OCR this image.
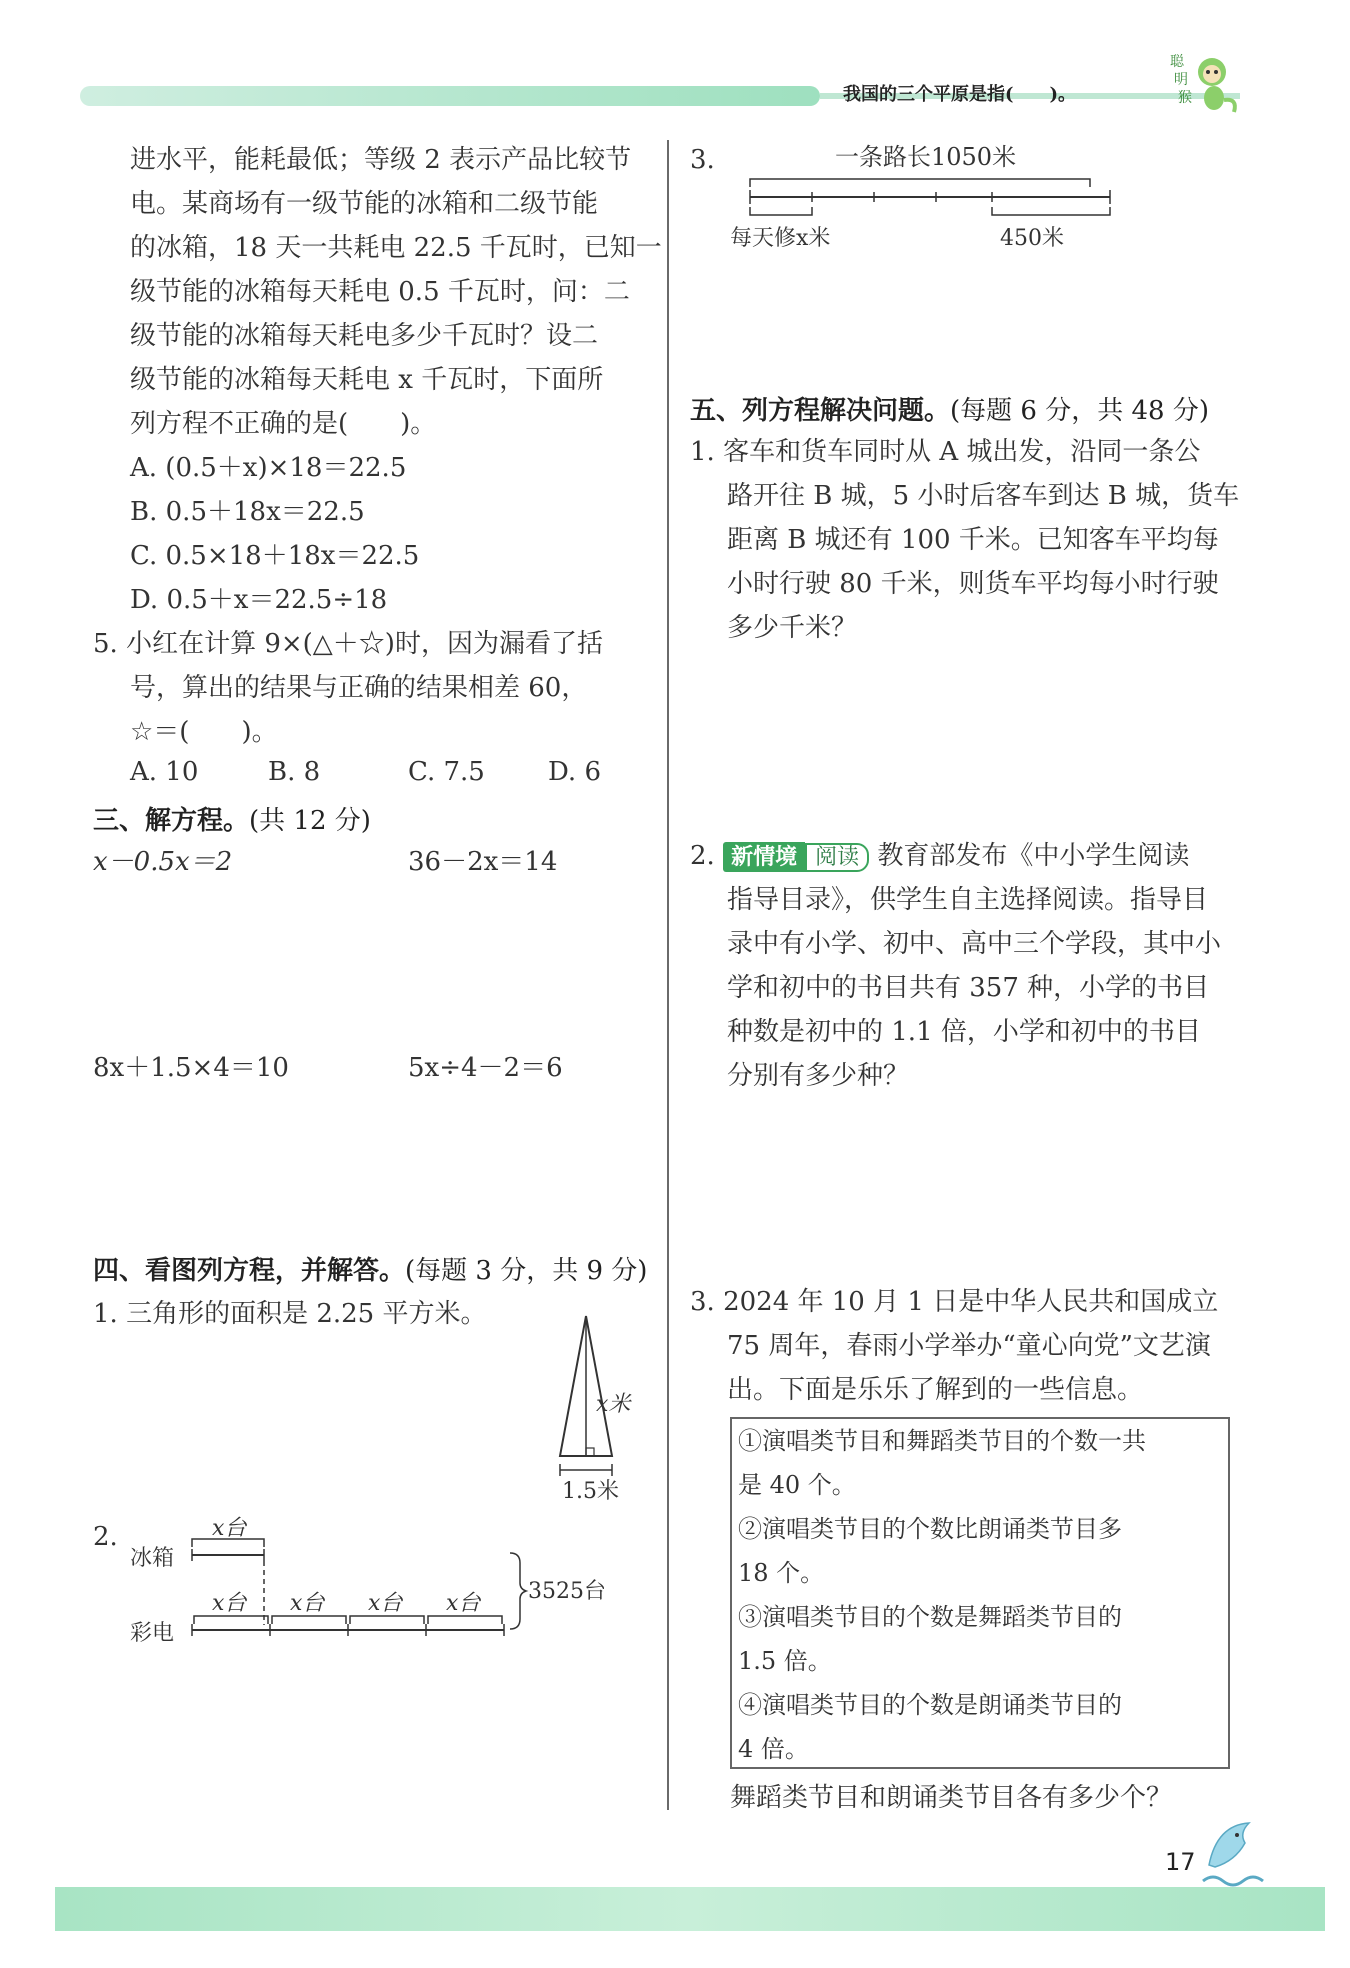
我国的三个平原是指(　　)。
聪
明
猴
进水平，能耗最低；等级 2 表示产品比较节
电。某商场有一级节能的冰箱和二级节能
的冰箱，18 天一共耗电 22.5 千瓦时，已知一
级节能的冰箱每天耗电 0.5 千瓦时，问：二
级节能的冰箱每天耗电多少千瓦时？设二
级节能的冰箱每天耗电 x 千瓦时，下面所
列方程不正确的是(　　)。
A. (0.5＋x)×18＝22.5
B. 0.5＋18x＝22.5
C. 0.5×18＋18x＝22.5
D. 0.5＋x＝22.5÷18
5. 小红在计算 9×(△＋☆)时，因为漏看了括
号，算出的结果与正确的结果相差 60，
☆＝(　　)。
A. 10	B. 8	C. 7.5 D. 6
三、解方程。(共 12 分)
x－0.5x＝2	36－2x＝14
8x＋1.5×4＝10	5x÷4－2＝6
四、看图列方程，并解答。(每题 3 分，共 9 分)
1. 三角形的面积是 2.25 平方米。
x米
1.5米
2.
冰箱
彩电
x台
x台 x台 x台 x台 3525台
3.	一条路长1050米
每天修x米	450米
五、列方程解决问题。(每题 6 分，共 48 分)
1. 客车和货车同时从 A 城出发，沿同一条公
路开往 B 城，5 小时后客车到达 B 城，货车
距离 B 城还有 100 千米。已知客车平均每
小时行驶 80 千米，则货车平均每小时行驶
多少千米？
2. 新情境 阅读 教育部发布《中小学生阅读
指导目录》，供学生自主选择阅读。指导目
录中有小学、初中、高中三个学段，其中小
学和初中的书目共有 357 种，小学的书目
种数是初中的 1.1 倍，小学和初中的书目
分别有多少种？
3. 2024 年 10 月 1 日是中华人民共和国成立
75 周年，春雨小学举办“童心向党”文艺演
出。下面是乐乐了解到的一些信息。
①演唱类节目和舞蹈类节目的个数一共
是 40 个。
②演唱类节目的个数比朗诵类节目多
18 个。
③演唱类节目的个数是舞蹈类节目的
1.5 倍。
④演唱类节目的个数是朗诵类节目的
4 倍。
舞蹈类节目和朗诵类节目各有多少个？
17
